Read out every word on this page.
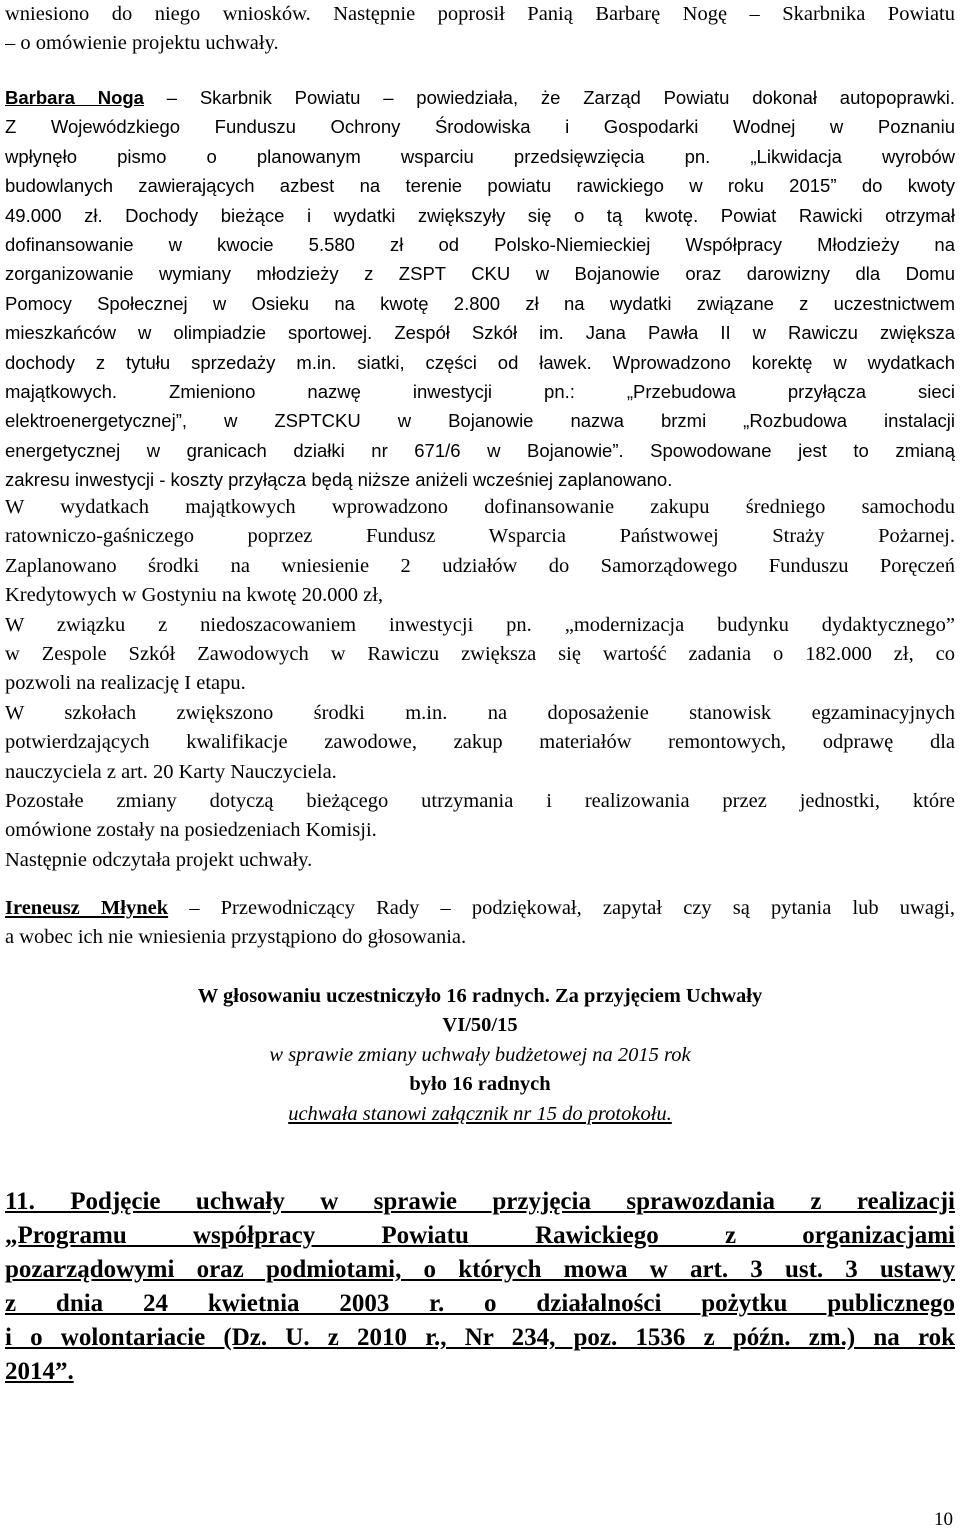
wniesiono do niego wniosków. Następnie poprosił Panią Barbarę Nogę – Skarbnika Powiatu
– o omówienie projektu uchwały.
Barbara Noga – Skarbnik Powiatu – powiedziała, że Zarząd Powiatu dokonał autopoprawki.
Z Wojewódzkiego Funduszu Ochrony Środowiska i Gospodarki Wodnej w Poznaniu
wpłynęło pismo o planowanym wsparciu przedsięwzięcia pn. „Likwidacja wyrobów
budowlanych zawierających azbest na terenie powiatu rawickiego w roku 2015” do kwoty
49.000 zł. Dochody bieżące i wydatki zwiększyły się o tą kwotę. Powiat Rawicki otrzymał
dofinansowanie w kwocie 5.580 zł od Polsko-Niemieckiej Współpracy Młodzieży na
zorganizowanie wymiany młodzieży z ZSPT CKU w Bojanowie oraz darowizny dla Domu
Pomocy Społecznej w Osieku na kwotę 2.800 zł na wydatki związane z uczestnictwem
mieszkańców w olimpiadzie sportowej. Zespół Szkół im. Jana Pawła II w Rawiczu zwiększa
dochody z tytułu sprzedaży m.in. siatki, części od ławek. Wprowadzono korektę w wydatkach
majątkowych. Zmieniono nazwę inwestycji pn.: „Przebudowa przyłącza sieci
elektroenergetycznej”, w ZSPTCKU w Bojanowie nazwa brzmi „Rozbudowa instalacji
energetycznej w granicach działki nr 671/6 w Bojanowie”. Spowodowane jest to zmianą
zakresu inwestycji - koszty przyłącza będą niższe aniżeli wcześniej zaplanowano.
W wydatkach majątkowych wprowadzono dofinansowanie zakupu średniego samochodu
ratowniczo-gaśniczego poprzez Fundusz Wsparcia Państwowej Straży Pożarnej.
Zaplanowano środki na wniesienie 2 udziałów do Samorządowego Funduszu Poręczeń
Kredytowych w Gostyniu na kwotę 20.000 zł,
W związku z niedoszacowaniem inwestycji pn. „modernizacja budynku dydaktycznego”
w Zespole Szkół Zawodowych w Rawiczu zwiększa się wartość zadania o 182.000 zł, co
pozwoli na realizację I etapu.
W szkołach zwiększono środki m.in. na doposażenie stanowisk egzaminacyjnych
potwierdzających kwalifikacje zawodowe, zakup materiałów remontowych, odprawę dla
nauczyciela z art. 20 Karty Nauczyciela.
Pozostałe zmiany dotyczą bieżącego utrzymania i realizowania przez jednostki, które
omówione zostały na posiedzeniach Komisji.
Następnie odczytała projekt uchwały.
Ireneusz Młynek – Przewodniczący Rady – podziękował, zapytał czy są pytania lub uwagi,
a wobec ich nie wniesienia przystąpiono do głosowania.
W głosowaniu uczestniczyło 16 radnych. Za przyjęciem Uchwały
VI/50/15
w sprawie zmiany uchwały budżetowej na 2015 rok
było 16 radnych
uchwała stanowi załącznik nr 15 do protokołu.
11. Podjęcie uchwały w sprawie przyjęcia sprawozdania z realizacji
„Programu współpracy Powiatu Rawickiego z organizacjami
pozarządowymi oraz podmiotami, o których mowa w art. 3 ust. 3 ustawy
z dnia 24 kwietnia 2003 r. o działalności pożytku publicznego
i o wolontariacie (Dz. U. z 2010 r., Nr 234, poz. 1536 z późn. zm.) na rok
2014”.
10
